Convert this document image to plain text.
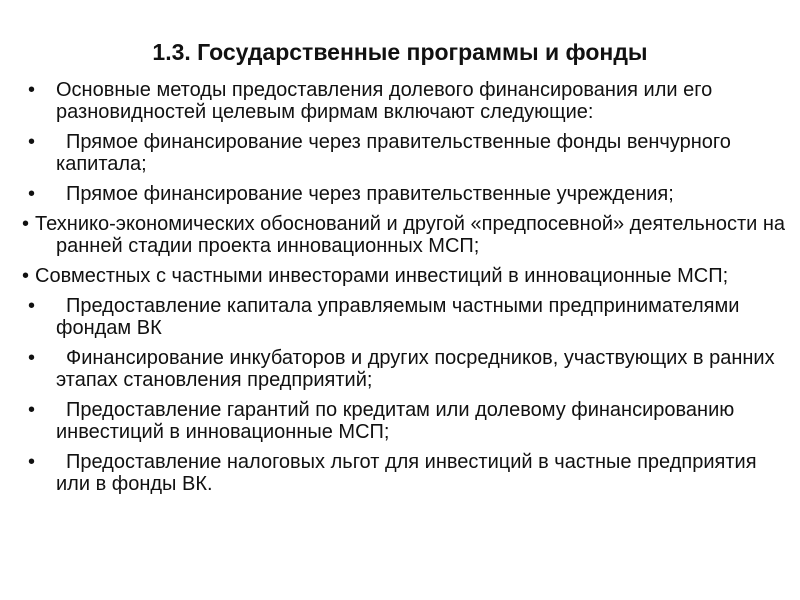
1.3. Государственные программы и фонды
• Основные методы предоставления долевого финансирования или его разновидностей целевым фирмам включают следующие:
• Прямое финансирование через правительственные фонды венчурного капитала;
• Прямое финансирование через правительственные учреждения;
• Технико-экономических обоснований и другой «предпосевной» деятельности на ранней стадии проекта инновационных МСП;
• Совместных с частными инвесторами инвестиций в инновационные МСП;
• Предоставление капитала управляемым частными предпринимателями фондам ВК
• Финансирование инкубаторов и других посредников, участвующих в ранних этапах становления предприятий;
• Предоставление гарантий по кредитам или долевому финансированию инвестиций в инновационные МСП;
• Предоставление налоговых льгот для инвестиций в частные предприятия или в фонды ВК.
